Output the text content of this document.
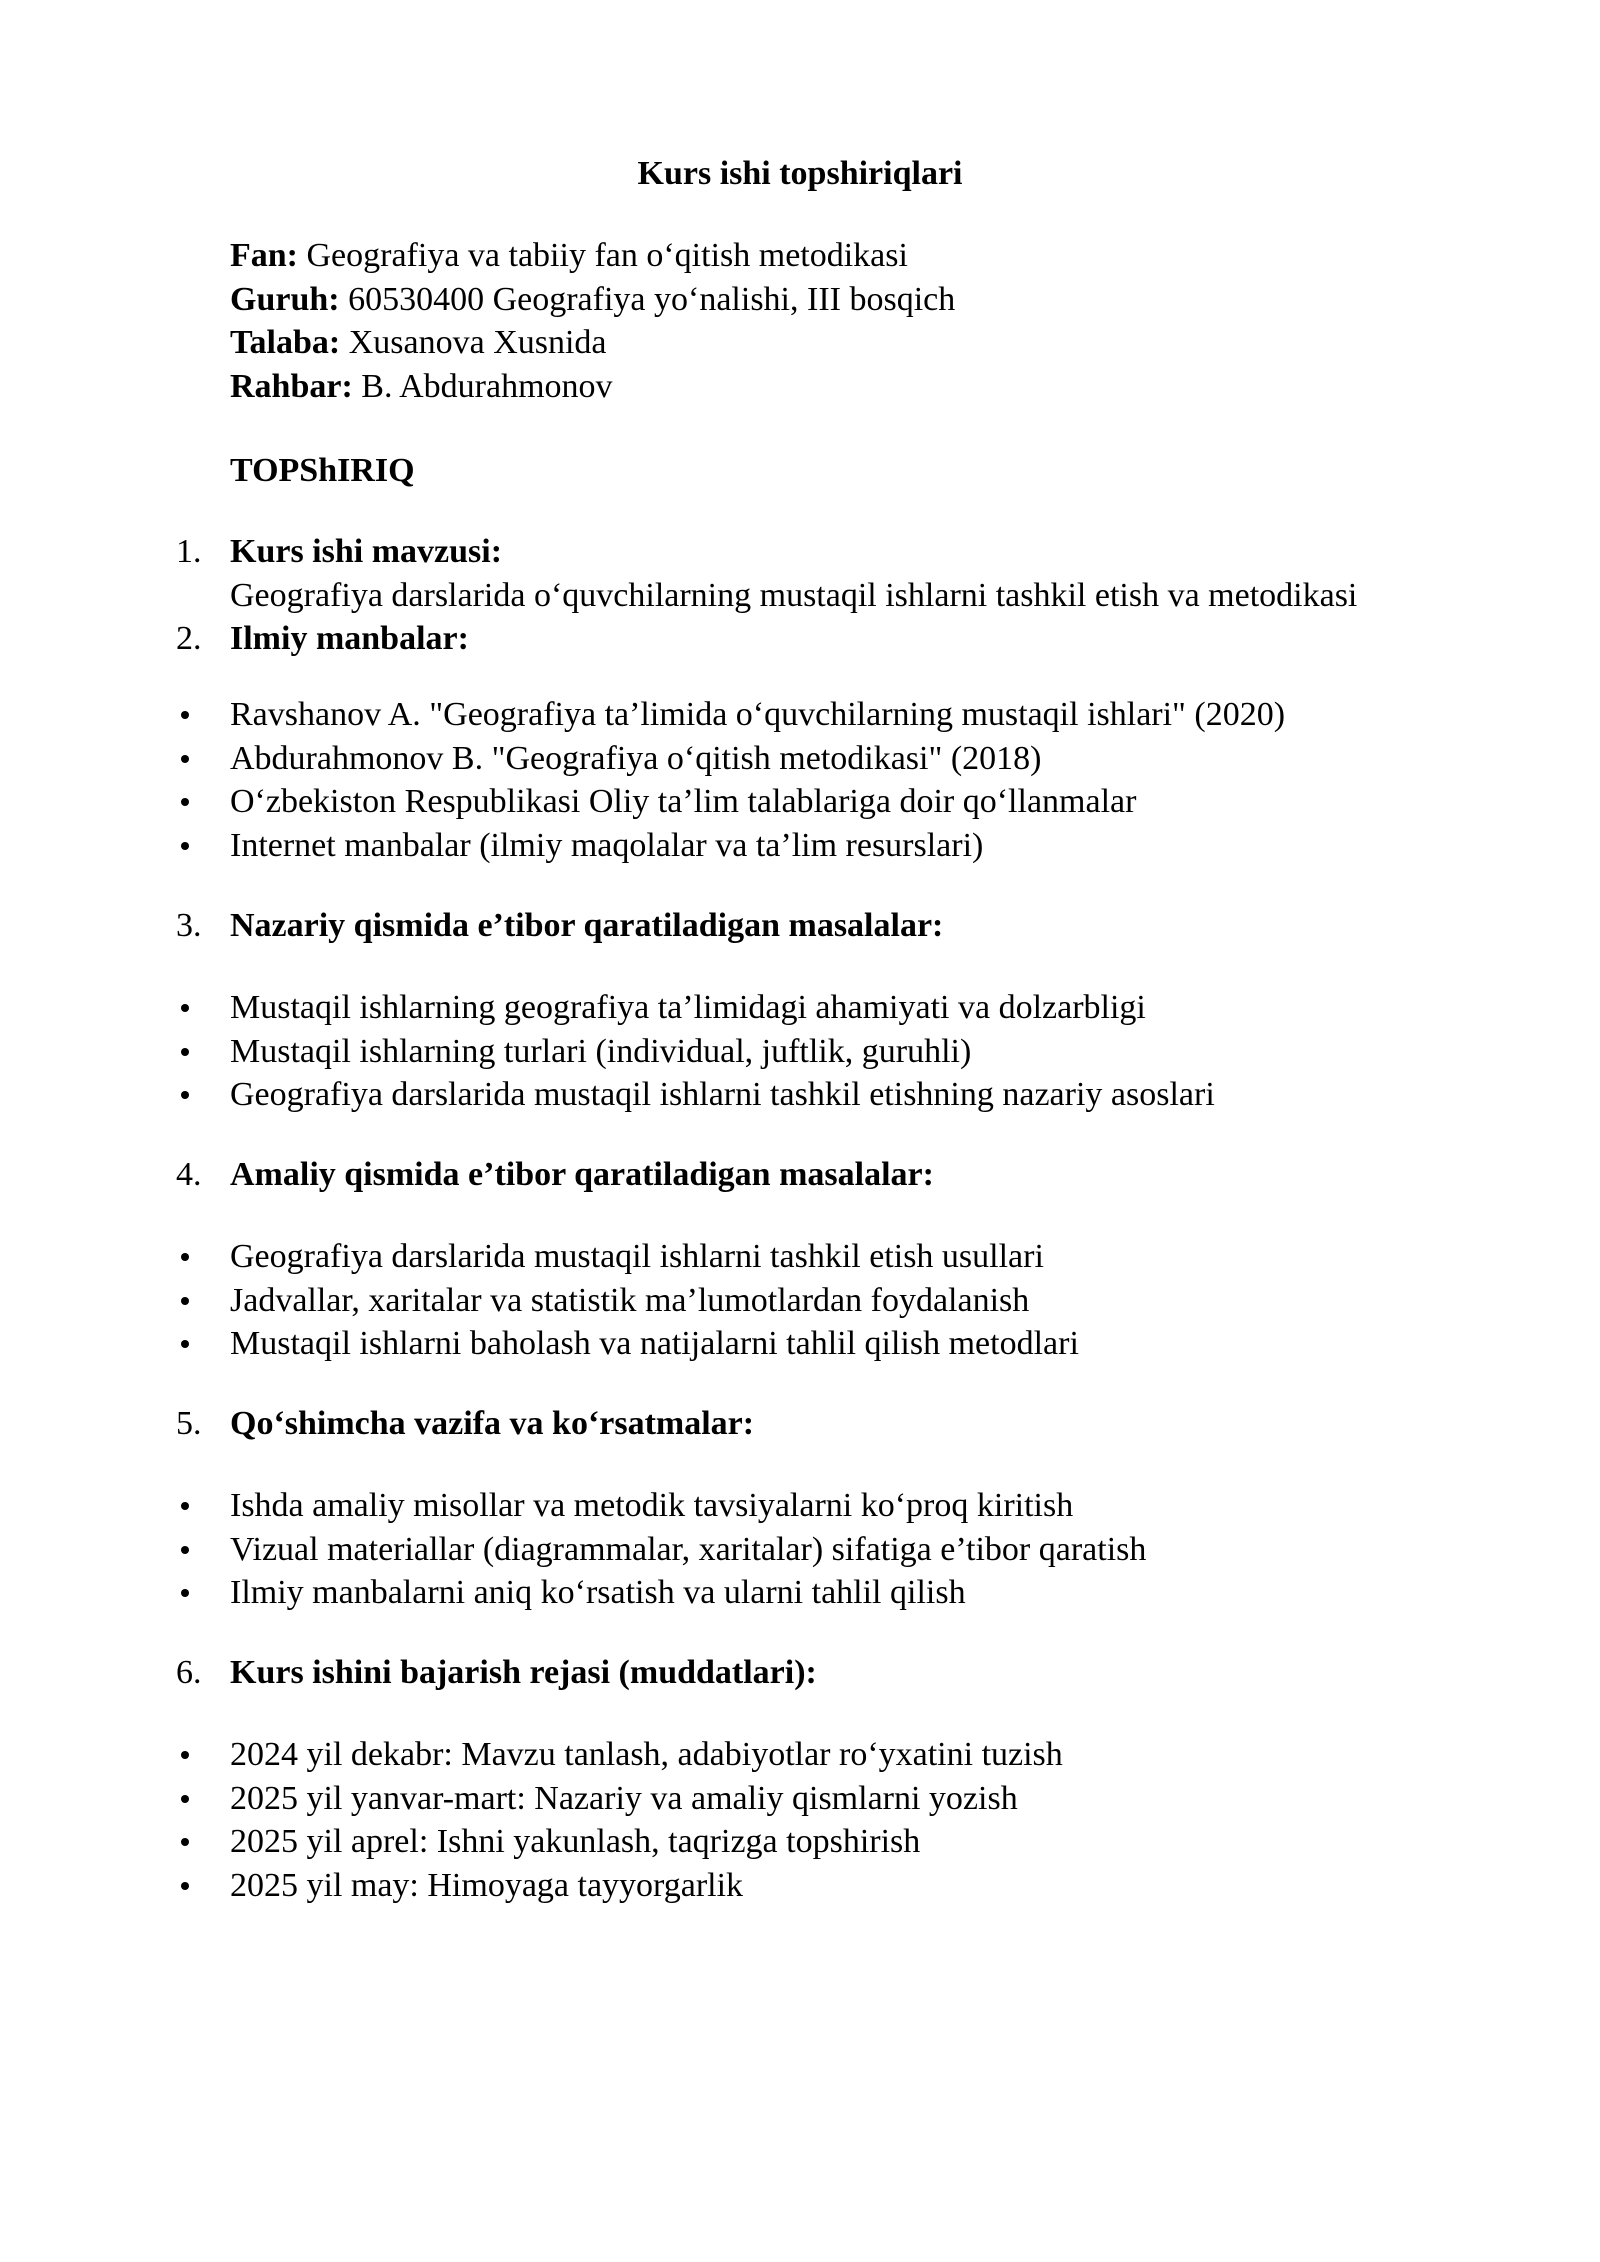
Kurs ishi topshiriqlari
Fan: Geografiya va tabiiy fan o‘qitish metodikasi
Guruh: 60530400 Geografiya yo‘nalishi, III bosqich
Talaba: Xusanova Xusnida
Rahbar: B. Abdurahmonov
TOPShIRIQ
1. Kurs ishi mavzusi:
Geografiya darslarida o‘quvchilarning mustaqil ishlarni tashkil etish va metodikasi
2. Ilmiy manbalar:
Ravshanov A. "Geografiya ta’limida o‘quvchilarning mustaqil ishlari" (2020)
Abdurahmonov B. "Geografiya o‘qitish metodikasi" (2018)
O‘zbekiston Respublikasi Oliy ta’lim talablariga doir qo‘llanmalar
Internet manbalar (ilmiy maqolalar va ta’lim resurslari)
3. Nazariy qismida e’tibor qaratiladigan masalalar:
Mustaqil ishlarning geografiya ta’limidagi ahamiyati va dolzarbligi
Mustaqil ishlarning turlari (individual, juftlik, guruhli)
Geografiya darslarida mustaqil ishlarni tashkil etishning nazariy asoslari
4. Amaliy qismida e’tibor qaratiladigan masalalar:
Geografiya darslarida mustaqil ishlarni tashkil etish usullari
Jadvallar, xaritalar va statistik ma’lumotlardan foydalanish
Mustaqil ishlarni baholash va natijalarni tahlil qilish metodlari
5. Qo‘shimcha vazifa va ko‘rsatmalar:
Ishda amaliy misollar va metodik tavsiyalarni ko‘proq kiritish
Vizual materiallar (diagrammalar, xaritalar) sifatiga e’tibor qaratish
Ilmiy manbalarni aniq ko‘rsatish va ularni tahlil qilish
6. Kurs ishini bajarish rejasi (muddatlari):
2024 yil dekabr: Mavzu tanlash, adabiyotlar ro‘yxatini tuzish
2025 yil yanvar-mart: Nazariy va amaliy qismlarni yozish
2025 yil aprel: Ishni yakunlash, taqrizga topshirish
2025 yil may: Himoyaga tayyorgarlik
